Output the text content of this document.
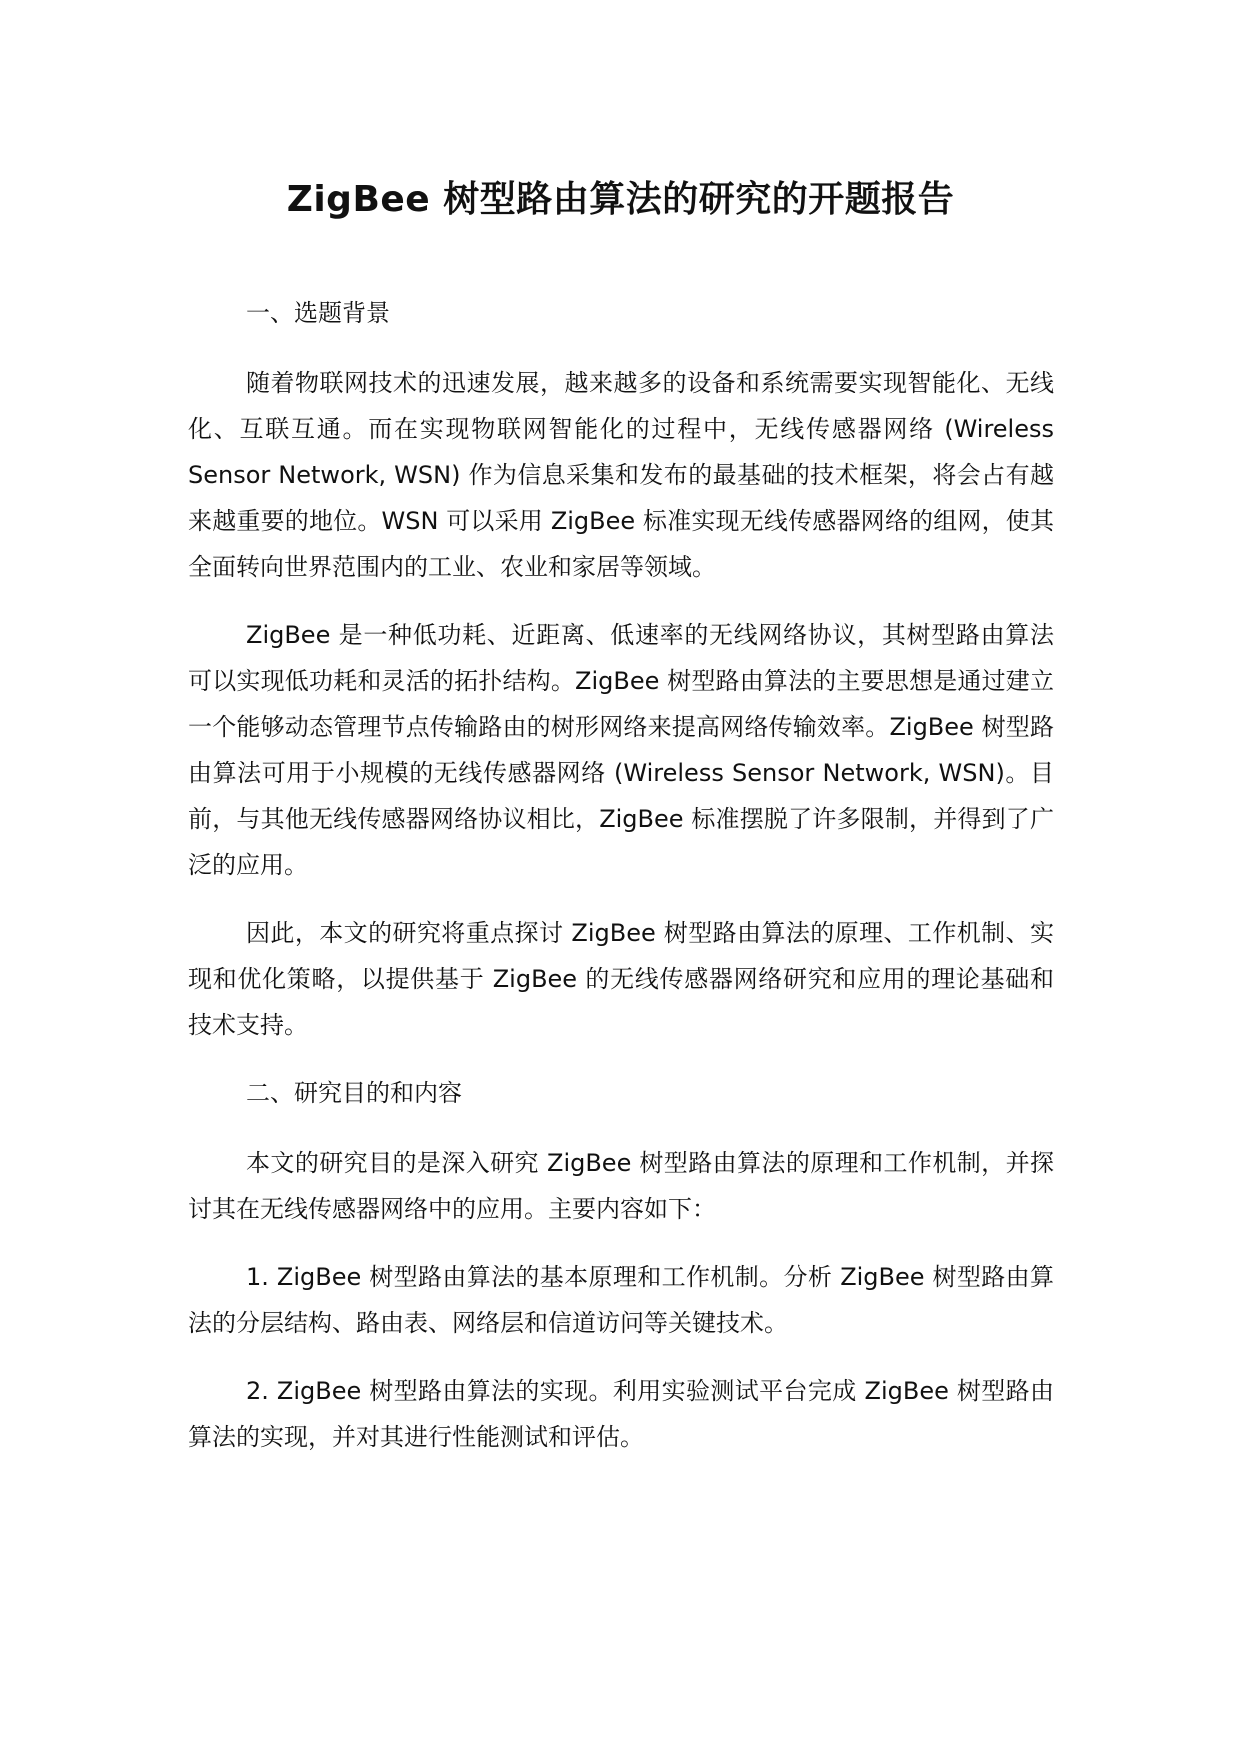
ZigBee 树型路由算法的研究的开题报告
一、选题背景

随着物联网技术的迅速发展，越来越多的设备和系统需要实现智能化、无线化、互联互通。而在实现物联网智能化的过程中，无线传感器网络 (Wireless Sensor Network, WSN) 作为信息采集和发布的最基础的技术框架，将会占有越来越重要的地位。WSN 可以采用 ZigBee 标准实现无线传感器网络的组网，使其全面转向世界范围内的工业、农业和家居等领域。

ZigBee 是一种低功耗、近距离、低速率的无线网络协议，其树型路由算法可以实现低功耗和灵活的拓扑结构。ZigBee 树型路由算法的主要思想是通过建立一个能够动态管理节点传输路由的树形网络来提高网络传输效率。ZigBee 树型路由算法可用于小规模的无线传感器网络 (Wireless Sensor Network, WSN)。目前，与其他无线传感器网络协议相比，ZigBee 标准摆脱了许多限制，并得到了广泛的应用。

因此，本文的研究将重点探讨 ZigBee 树型路由算法的原理、工作机制、实现和优化策略，以提供基于 ZigBee 的无线传感器网络研究和应用的理论基础和技术支持。

二、研究目的和内容

本文的研究目的是深入研究 ZigBee 树型路由算法的原理和工作机制，并探讨其在无线传感器网络中的应用。主要内容如下：

1. ZigBee 树型路由算法的基本原理和工作机制。分析 ZigBee 树型路由算法的分层结构、路由表、网络层和信道访问等关键技术。

2. ZigBee 树型路由算法的实现。利用实验测试平台完成 ZigBee 树型路由算法的实现，并对其进行性能测试和评估。
